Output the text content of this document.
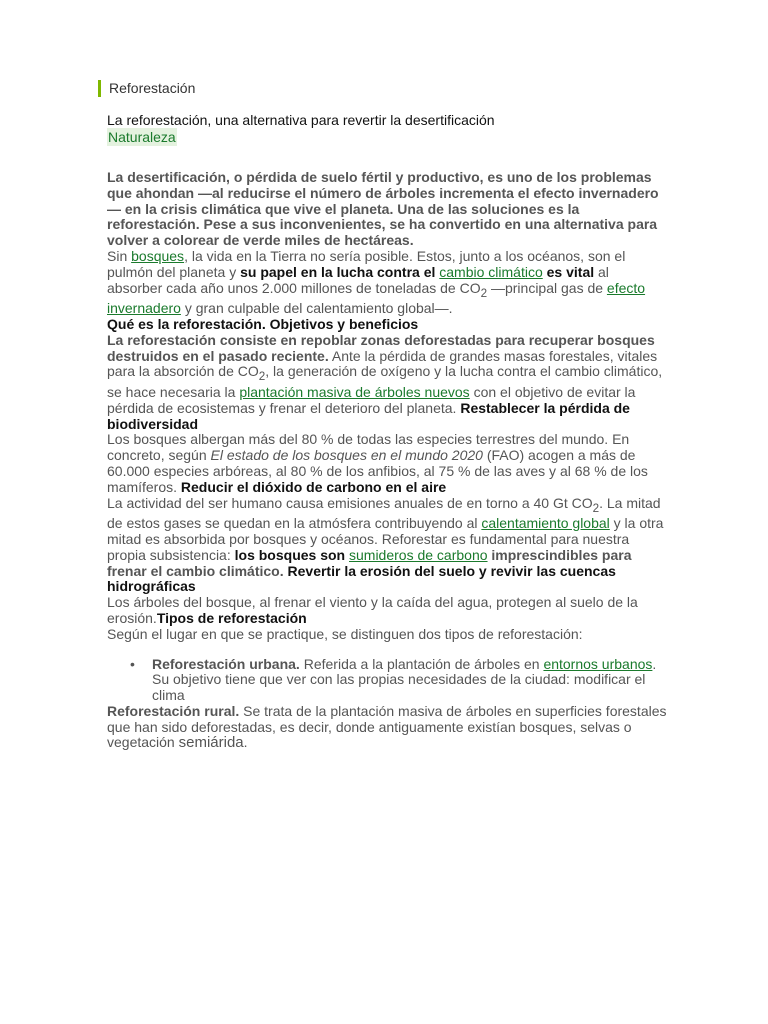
Reforestación
La reforestación, una alternativa para revertir la desertificación
Naturaleza

La desertificación, o pérdida de suelo fértil y productivo, es uno de los problemas que ahondan —al reducirse el número de árboles incrementa el efecto invernadero— en la crisis climática que vive el planeta. Una de las soluciones es la reforestación. Pese a sus inconvenientes, se ha convertido en una alternativa para volver a colorear de verde miles de hectáreas.

Sin bosques, la vida en la Tierra no sería posible. Estos, junto a los océanos, son el pulmón del planeta y su papel en la lucha contra el cambio climático es vital al absorber cada año unos 2.000 millones de toneladas de $CO_2$ —principal gas de efecto invernadero y gran culpable del calentamiento global—.

Qué es la reforestación. Objetivos y beneficios

La reforestación consiste en repoblar zonas deforestadas para recuperar bosques destruidos en el pasado reciente. Ante la pérdida de grandes masas forestales, vitales para la absorción de $CO_2$, la generación de oxígeno y la lucha contra el cambio climático, se hace necesaria la plantación masiva de árboles nuevos con el objetivo de evitar la pérdida de ecosistemas y frenar el deterioro del planeta. Restablecer la pérdida de biodiversidad

Los bosques albergan más del 80 % de todas las especies terrestres del mundo. En concreto, según El estado de los bosques en el mundo 2020 (FAO) acogen a más de 60.000 especies arbóreas, al 80 % de los anfibios, al 75 % de las aves y al 68 % de los mamíferos. Reducir el dióxido de carbono en el aire

La actividad del ser humano causa emisiones anuales de en torno a 40 Gt $CO_2$. La mitad de estos gases se quedan en la atmósfera contribuyendo al calentamiento global y la otra mitad es absorbida por bosques y océanos. Reforestar es fundamental para nuestra propia subsistencia: los bosques son sumideros de carbono imprescindibles para frenar el cambio climático. Revertir la erosión del suelo y revivir las cuencas hidrográficas

Los árboles del bosque, al frenar el viento y la caída del agua, protegen al suelo de la erosión.Tipos de reforestación

Según el lugar en que se practique, se distinguen dos tipos de reforestación:

• Reforestación urbana. Referida a la plantación de árboles en entornos urbanos. Su objetivo tiene que ver con las propias necesidades de la ciudad: modificar el clima

Reforestación rural. Se trata de la plantación masiva de árboles en superficies forestales que han sido deforestadas, es decir, donde antiguamente existían bosques, selvas o vegetación semiárida.
